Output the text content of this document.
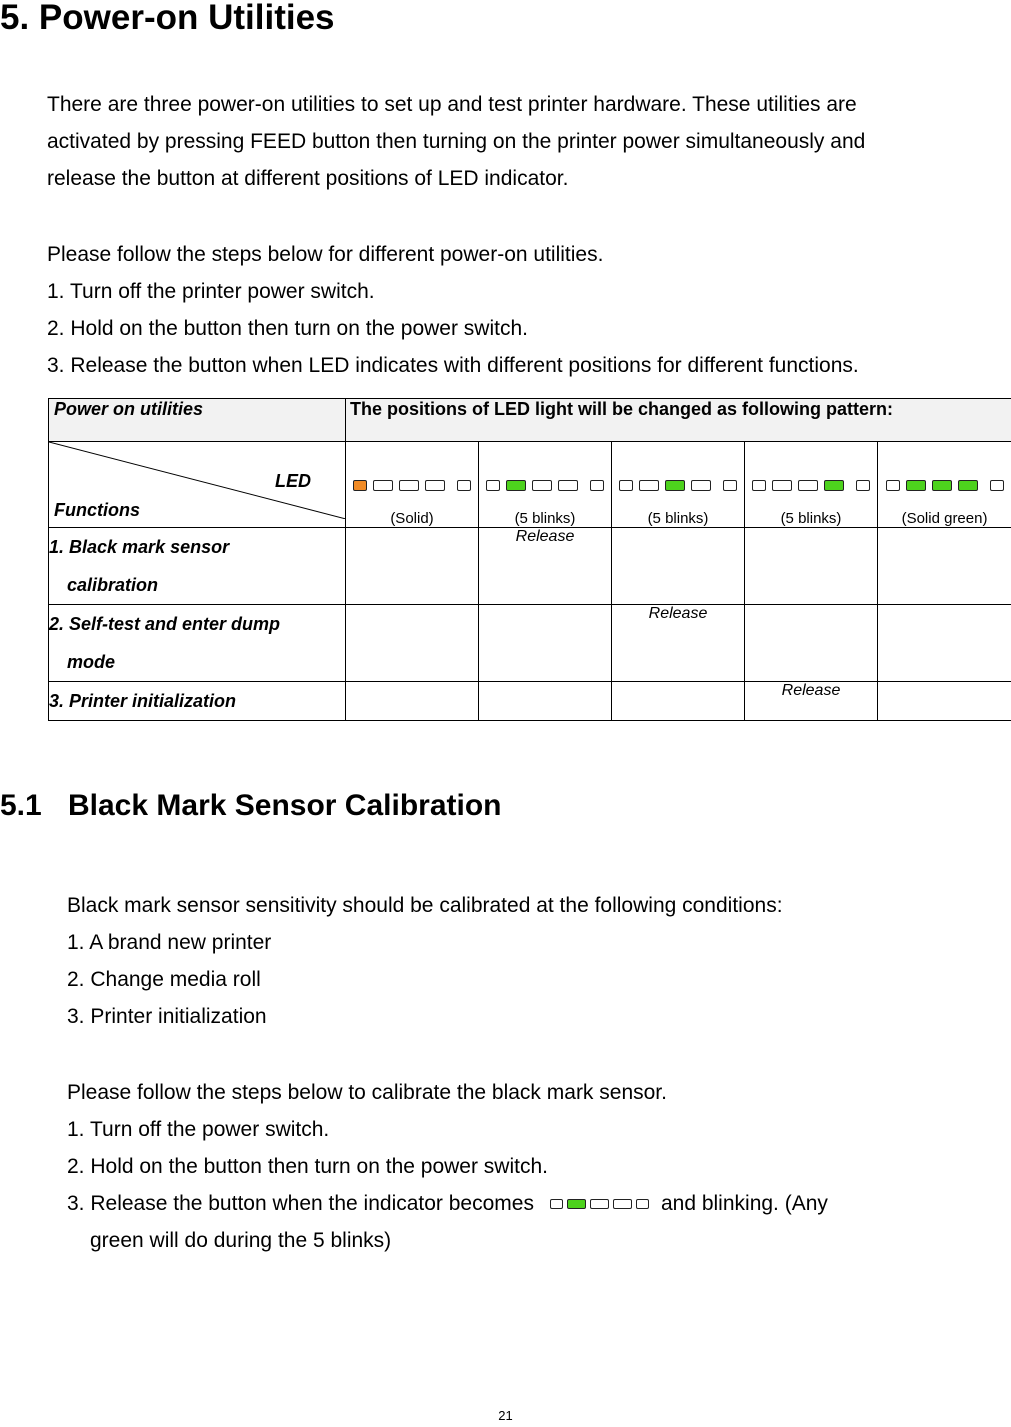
5. Power-on Utilities
There are three power-on utilities to set up and test printer hardware. These utilities are
activated by pressing FEED button then turning on the printer power simultaneously and
release the button at different positions of LED indicator.
Please follow the steps below for different power-on utilities.
1. Turn off the printer power switch.
2. Hold on the button then turn on the power switch.
3. Release the button when LED indicates with different positions for different functions.
Power on utilities	The positions of LED light will be changed as following pattern:				

LED
Functions	(Solid)	(5 blinks)	(5 blinks)	(5 blinks)	(Solid green)

1. Black mark sensor
calibration		Release			
2. Self-test and enter dump
mode			Release		
3. Printer initialization				Release	
5.1 Black Mark Sensor Calibration
Black mark sensor sensitivity should be calibrated at the following conditions:
1. A brand new printer
2. Change media roll
3. Printer initialization
Please follow the steps below to calibrate the black mark sensor.
1. Turn off the power switch.
2. Hold on the button then turn on the power switch.
3. Release the button when the indicator becomes	and blinking. (Any
green will do during the 5 blinks)
21
